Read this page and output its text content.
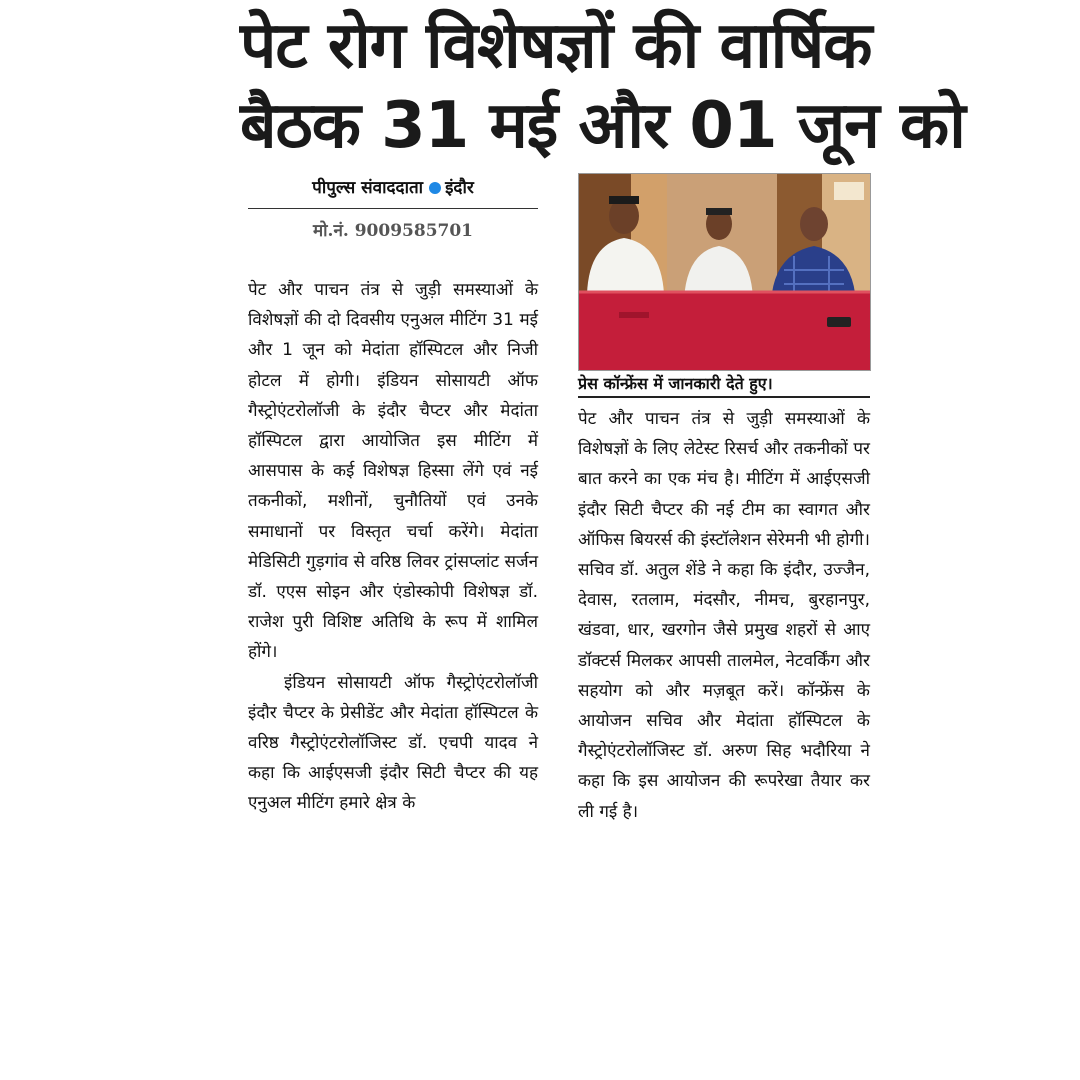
पेट रोग विशेषज्ञों की वार्षिक
बैठक 31 मई और 01 जून को
पीपुल्स संवाददाता इंदौर
मो.नं. 9009585701

पेट और पाचन तंत्र से जुड़ी समस्याओं के विशेषज्ञों की दो दिवसीय एनुअल मीटिंग 31 मई और 1 जून को मेदांता हॉस्पिटल और निजी होटल में होगी। इंडियन सोसायटी ऑफ गैस्ट्रोएंटरोलॉजी के इंदौर चैप्टर और मेदांता हॉस्पिटल द्वारा आयोजित इस मीटिंग में आसपास के कई विशेषज्ञ हिस्सा लेंगे एवं नई तकनीकों, मशीनों, चुनौतियों एवं उनके समाधानों पर विस्तृत चर्चा करेंगे। मेदांता मेडिसिटी गुड़गांव से वरिष्ठ लिवर ट्रांसप्लांट सर्जन डॉ. एएस सोइन और एंडोस्कोपी विशेषज्ञ डॉ. राजेश पुरी विशिष्ट अतिथि के रूप में शामिल होंगे।

इंडियन सोसायटी ऑफ गैस्ट्रोएंटरोलॉजी इंदौर चैप्टर के प्रेसीडेंट और मेदांता हॉस्पिटल के वरिष्ठ गैस्ट्रोएंटरोलॉजिस्ट डॉ. एचपी यादव ने कहा कि आईएसजी इंदौर सिटी चैप्टर की यह एनुअल मीटिंग हमारे क्षेत्र के

प्रेस कॉन्फ्रेंस में जानकारी देते हुए।

पेट और पाचन तंत्र से जुड़ी समस्याओं के विशेषज्ञों के लिए लेटेस्ट रिसर्च और तकनीकों पर बात करने का एक मंच है। मीटिंग में आईएसजी इंदौर सिटी चैप्टर की नई टीम का स्वागत और ऑफिस बियरर्स की इंस्टॉलेशन सेरेमनी भी होगी। सचिव डॉ. अतुल शेंडे ने कहा कि इंदौर, उज्जैन, देवास, रतलाम, मंदसौर, नीमच, बुरहानपुर, खंडवा, धार, खरगोन जैसे प्रमुख शहरों से आए डॉक्टर्स मिलकर आपसी तालमेल, नेटवर्किंग और सहयोग को और मज़बूत करें। कॉन्फ्रेंस के आयोजन सचिव और मेदांता हॉस्पिटल के गैस्ट्रोएंटरोलॉजिस्ट डॉ. अरुण सिह भदौरिया ने कहा कि इस आयोजन की रूपरेखा तैयार कर ली गई है।
